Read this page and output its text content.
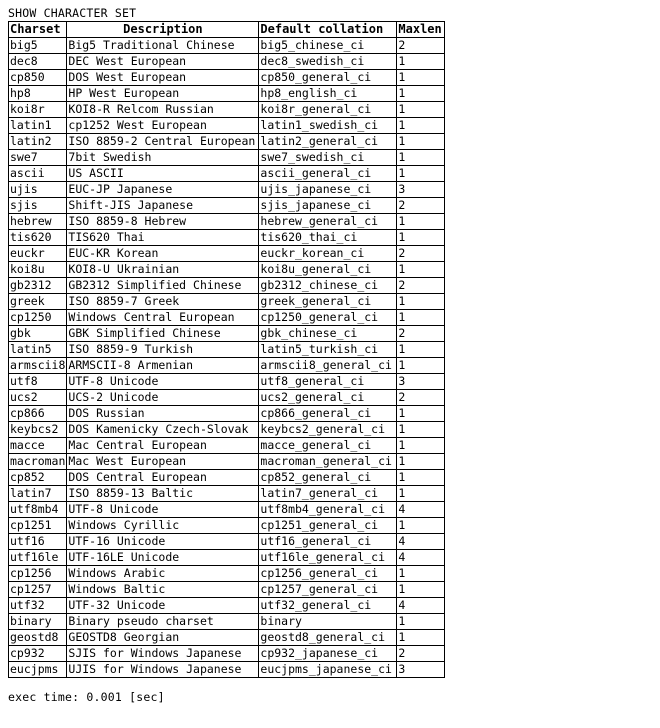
SHOW CHARACTER SET
Charset	Description	Default collation	Maxlen
big5	Big5 Traditional Chinese	big5_chinese_ci	2
dec8	DEC West European	dec8_swedish_ci	1
cp850	DOS West European	cp850_general_ci	1
hp8	HP West European	hp8_english_ci	1
koi8r	KOI8-R Relcom Russian	koi8r_general_ci	1
latin1	cp1252 West European	latin1_swedish_ci	1
latin2	ISO 8859-2 Central European	latin2_general_ci	1
swe7	7bit Swedish	swe7_swedish_ci	1
ascii	US ASCII	ascii_general_ci	1
ujis	EUC-JP Japanese	ujis_japanese_ci	3
sjis	Shift-JIS Japanese	sjis_japanese_ci	2
hebrew	ISO 8859-8 Hebrew	hebrew_general_ci	1
tis620	TIS620 Thai	tis620_thai_ci	1
euckr	EUC-KR Korean	euckr_korean_ci	2
koi8u	KOI8-U Ukrainian	koi8u_general_ci	1
gb2312	GB2312 Simplified Chinese	gb2312_chinese_ci	2
greek	ISO 8859-7 Greek	greek_general_ci	1
cp1250	Windows Central European	cp1250_general_ci	1
gbk	GBK Simplified Chinese	gbk_chinese_ci	2
latin5	ISO 8859-9 Turkish	latin5_turkish_ci	1
armscii8	ARMSCII-8 Armenian	armscii8_general_ci	1
utf8	UTF-8 Unicode	utf8_general_ci	3
ucs2	UCS-2 Unicode	ucs2_general_ci	2
cp866	DOS Russian	cp866_general_ci	1
keybcs2	DOS Kamenicky Czech-Slovak	keybcs2_general_ci	1
macce	Mac Central European	macce_general_ci	1
macroman	Mac West European	macroman_general_ci	1
cp852	DOS Central European	cp852_general_ci	1
latin7	ISO 8859-13 Baltic	latin7_general_ci	1
utf8mb4	UTF-8 Unicode	utf8mb4_general_ci	4
cp1251	Windows Cyrillic	cp1251_general_ci	1
utf16	UTF-16 Unicode	utf16_general_ci	4
utf16le	UTF-16LE Unicode	utf16le_general_ci	4
cp1256	Windows Arabic	cp1256_general_ci	1
cp1257	Windows Baltic	cp1257_general_ci	1
utf32	UTF-32 Unicode	utf32_general_ci	4
binary	Binary pseudo charset	binary	1
geostd8	GEOSTD8 Georgian	geostd8_general_ci	1
cp932	SJIS for Windows Japanese	cp932_japanese_ci	2
eucjpms	UJIS for Windows Japanese	eucjpms_japanese_ci	3
exec time: 0.001 [sec]
